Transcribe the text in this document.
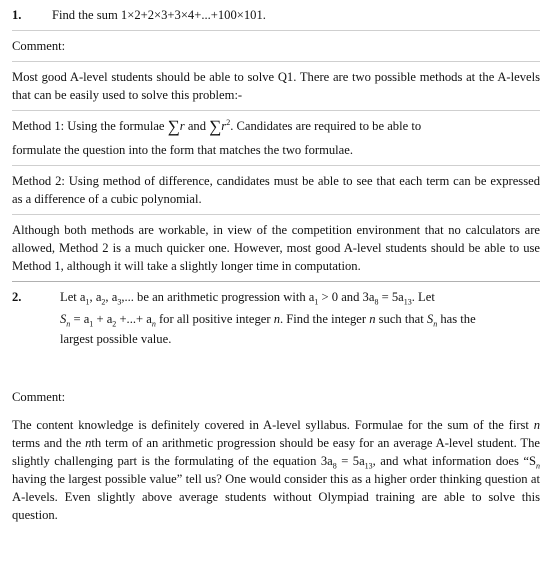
1.	Find the sum 1×2+2×3+3×4+...+100×101.

Comment:

Most good A-level students should be able to solve Q1. There are two possible methods at the A-levels that can be easily used to solve this problem:-

Method 1: Using the formulae ∑r and $\sum r^2$. Candidates are required to be able to

formulate the question into the form that matches the two formulae.

Method 2: Using method of difference, candidates must be able to see that each term can be expressed as a difference of a cubic polynomial.

Although both methods are workable, in view of the competition environment that no calculators are allowed, Method 2 is a much quicker one. However, most good A-level students should be able to use Method 1, although it will take a slightly longer time in computation.

2.	Let $a_1$, $a_2$, $a_3$,... be an arithmetic progression with $a_1 > 0$ and $3a_8 = 5a_{13}$. Let

$S_n = a_1 + a_2$ +...+ $a_n$ for all positive integer n. Find the integer n such that $S_n$ has the

largest possible value.

Comment:

The content knowledge is definitely covered in A-level syllabus. Formulae for the sum of the first n terms and the nth term of an arithmetic progression should be easy for an average A-level student. The slightly challenging part is the formulating of the equation $3a_8 = 5a_{13}$, and what information does “$S_n$ having the largest possible value” tell us? One would consider this as a higher order thinking question at A-levels. Even slightly above average students without Olympiad training are able to solve this question.
